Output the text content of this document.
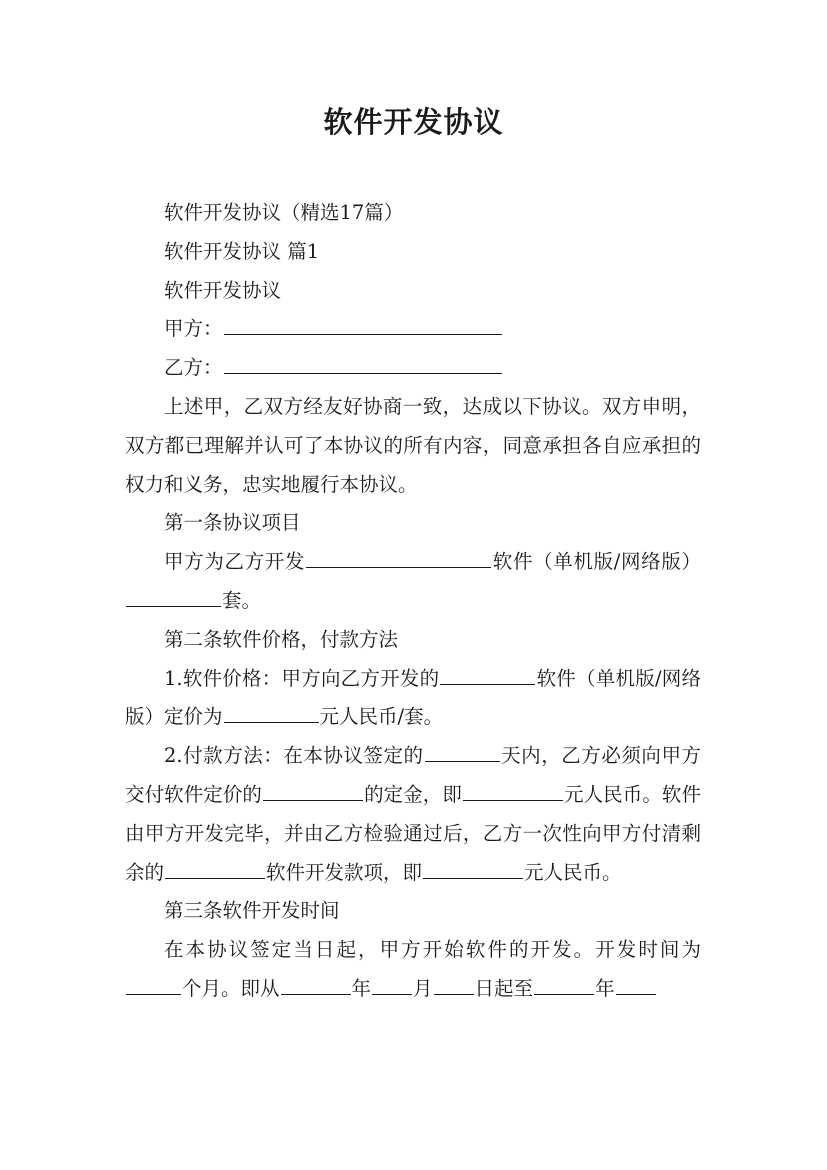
软件开发协议

软件开发协议（精选17篇）

软件开发协议 篇1

软件开发协议

甲方：

乙方：

上述甲，乙双方经友好协商一致，达成以下协议。双方申明，双方都已理解并认可了本协议的所有内容，同意承担各自应承担的权力和义务，忠实地履行本协议。

第一条协议项目

甲方为乙方开发	软件（单机版/网络版）套。

第二条软件价格，付款方法

1.软件价格：甲方向乙方开发的	软件（单机版/网络版）定价为	元人民币/套。

2.付款方法：在本协议签定的	天内，乙方必须向甲方交付软件定价的	的定金，即	元人民币。软件由甲方开发完毕，并由乙方检验通过后，乙方一次性向甲方付清剩余的	软件开发款项，即	元人民币。

第三条软件开发时间

在本协议签定当日起，甲方开始软件的开发。开发时间为个月。即从	年 月 日起至	年
